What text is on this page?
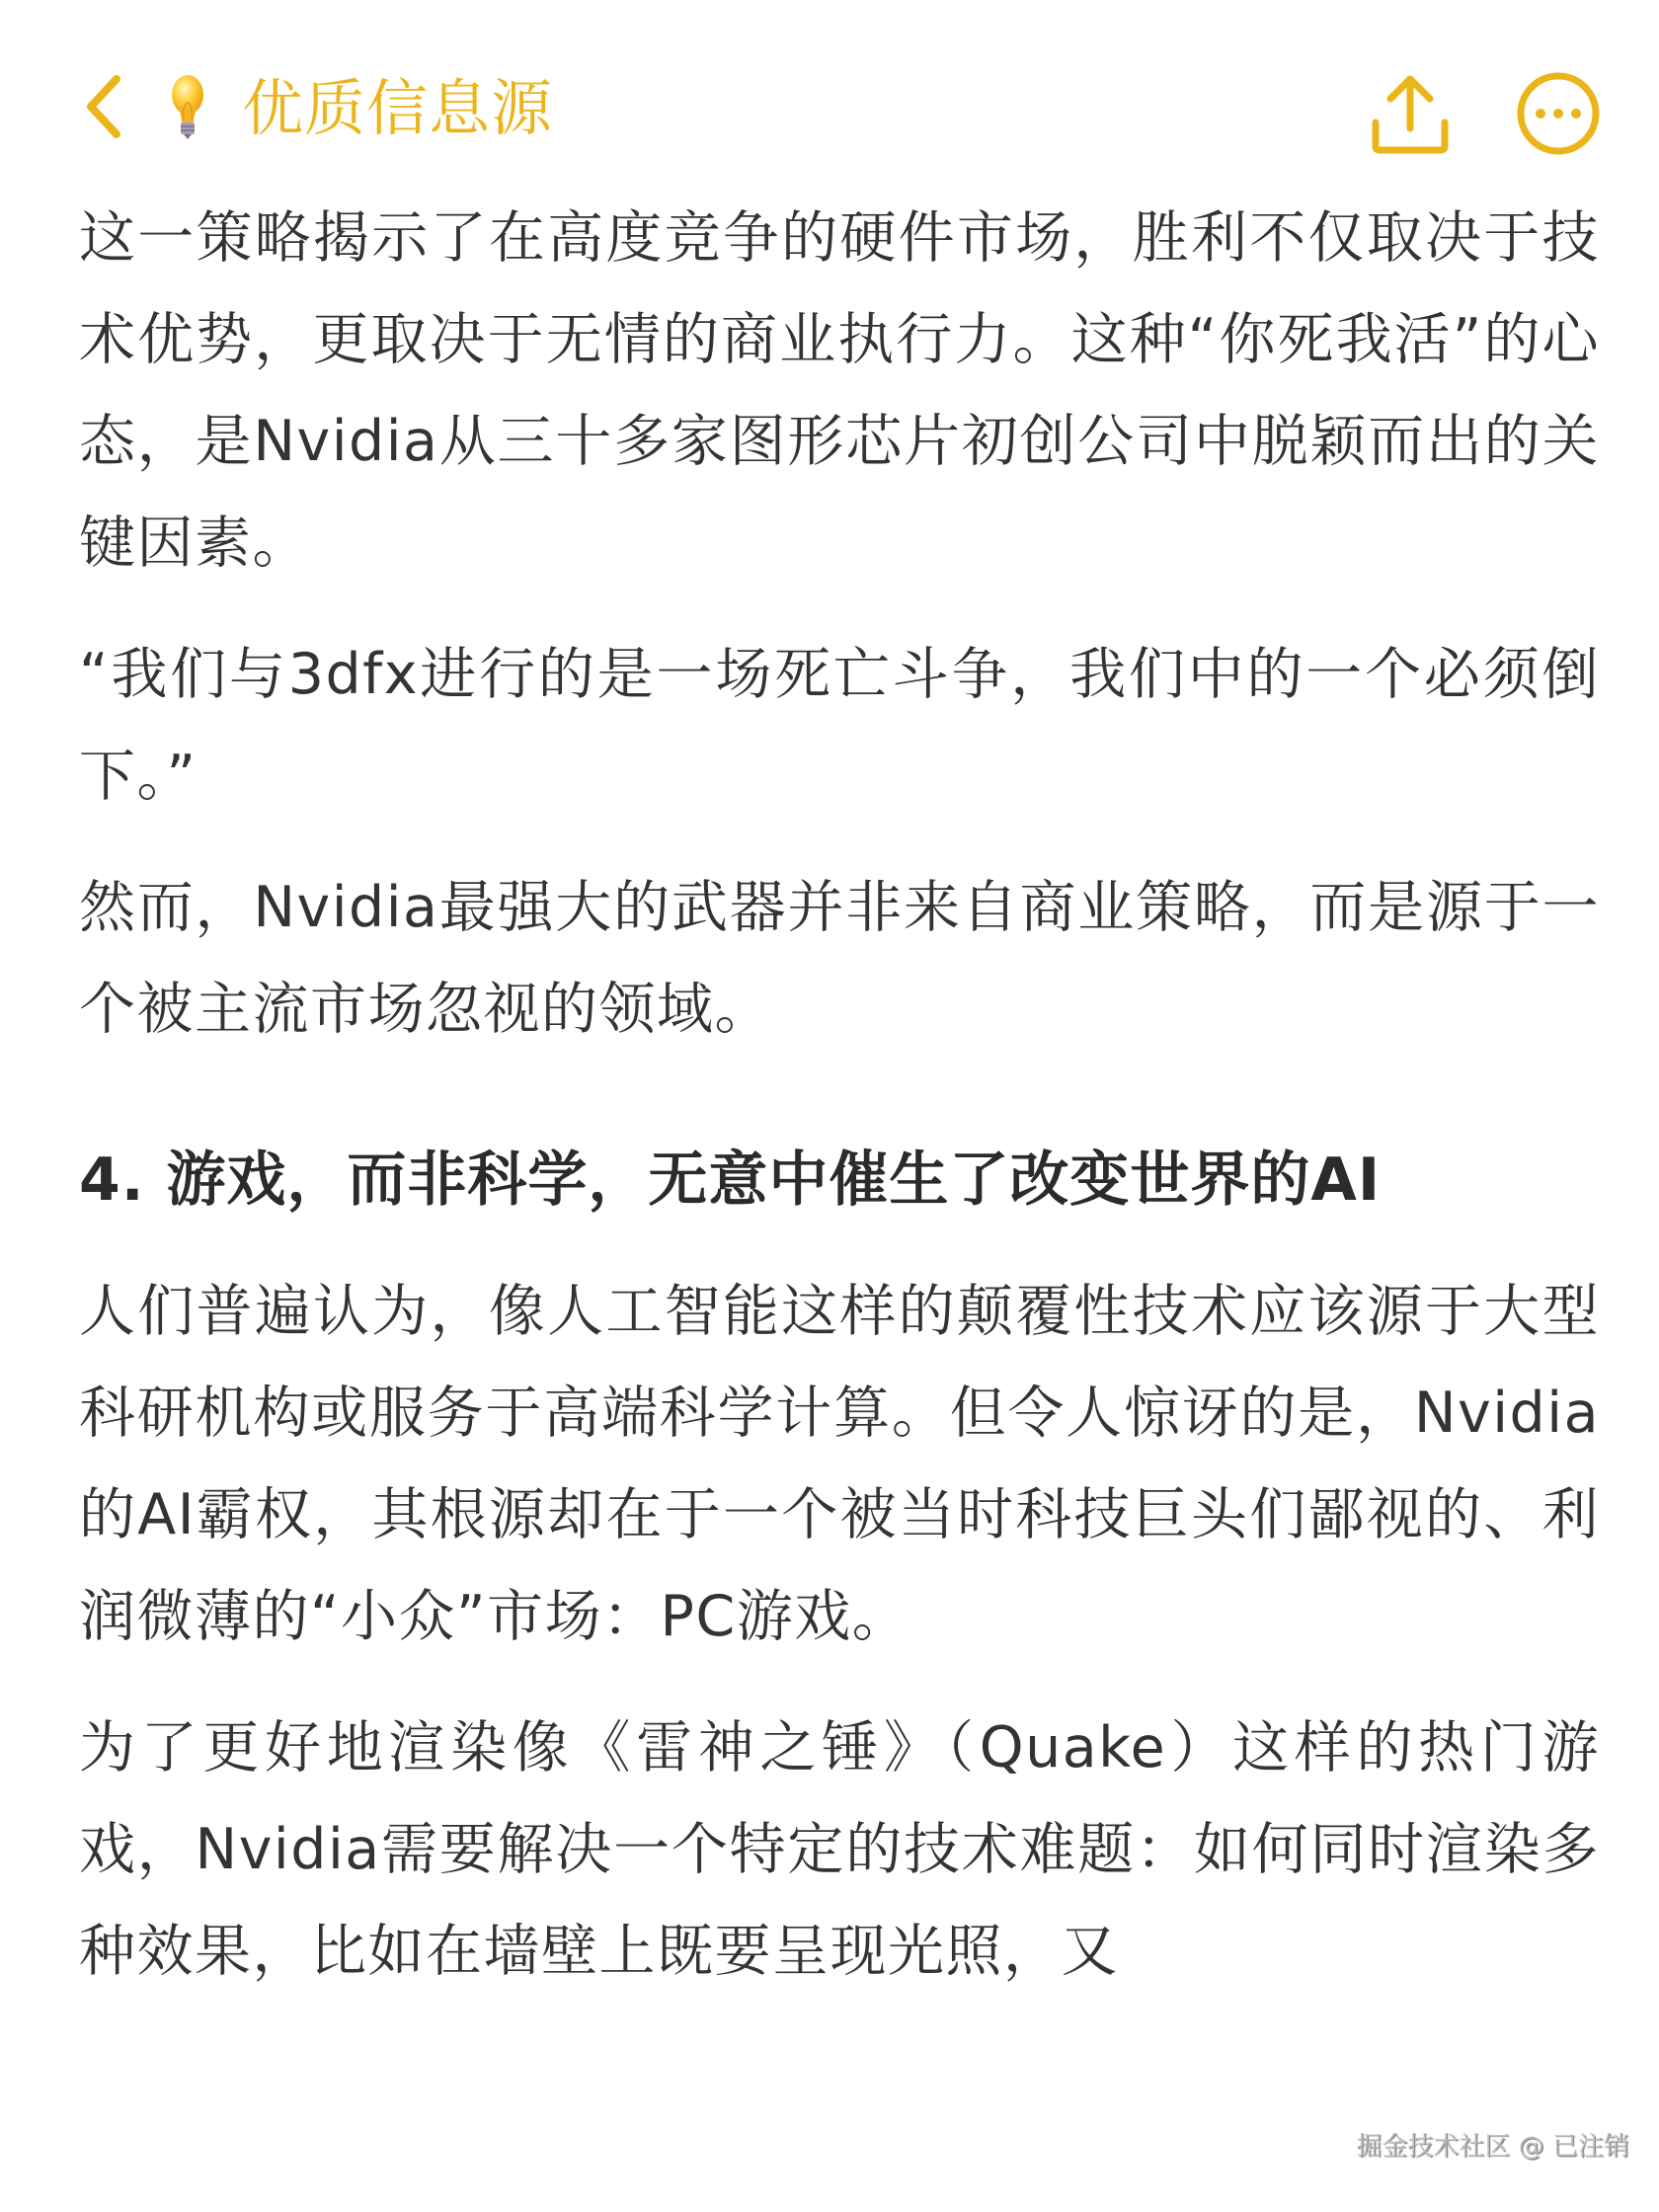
优质信息源

这一策略揭示了在高度竞争的硬件市场，胜利不仅取决于技术优势，更取决于无情的商业执行力。这种“你死我活”的心态，是Nvidia从三十多家图形芯片初创公司中脱颖而出的关键因素。

“我们与3dfx进行的是一场死亡斗争，我们中的一个必须倒下。”

然而，Nvidia最强大的武器并非来自商业策略，而是源于一个被主流市场忽视的领域。

4. 游戏，而非科学，无意中催生了改变世界的AI

人们普遍认为，像人工智能这样的颠覆性技术应该源于大型科研机构或服务于高端科学计算。但令人惊讶的是，Nvidia的AI霸权，其根源却在于一个被当时科技巨头们鄙视的、利润微薄的“小众”市场：PC游戏。

为了更好地渲染像《雷神之锤》（Quake）这样的热门游戏，Nvidia需要解决一个特定的技术难题：如何同时渲染多种效果，比如在墙壁上既要呈现光照，又

掘金技术社区 @ 已注销
